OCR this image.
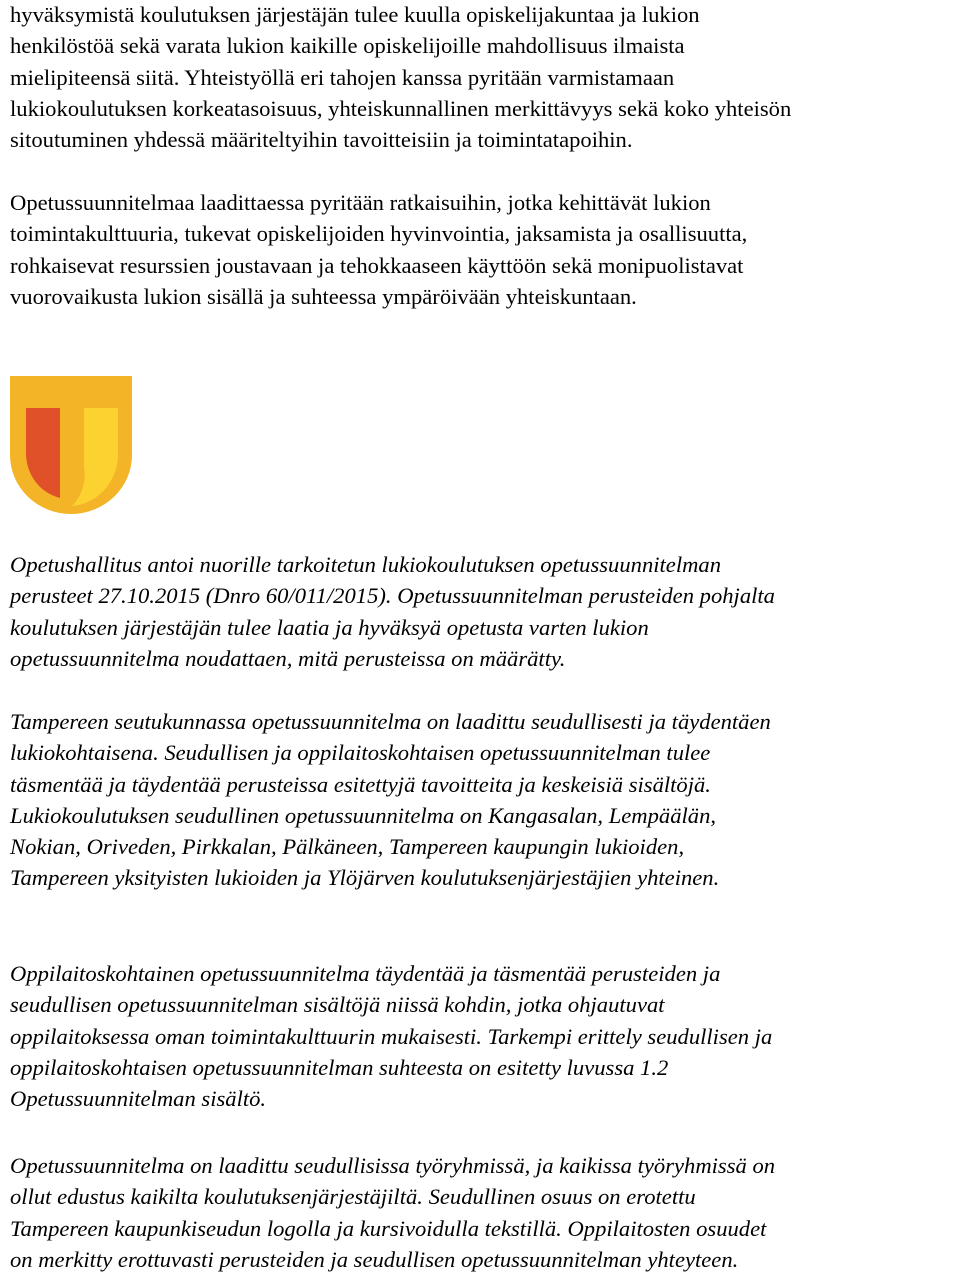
hyväksymistä koulutuksen järjestäjän tulee kuulla opiskelijakuntaa ja lukion
henkilöstöä sekä varata lukion kaikille opiskelijoille mahdollisuus ilmaista
mielipiteensä siitä. Yhteistyöllä eri tahojen kanssa pyritään varmistamaan
lukiokoulutuksen korkeatasoisuus, yhteiskunnallinen merkittävyys sekä koko yhteisön
sitoutuminen yhdessä määriteltyihin tavoitteisiin ja toimintatapoihin.

Opetussuunnitelmaa laadittaessa pyritään ratkaisuihin, jotka kehittävät lukion
toimintakulttuuria, tukevat opiskelijoiden hyvinvointia, jaksamista ja osallisuutta,
rohkaisevat resurssien joustavaan ja tehokkaaseen käyttöön sekä monipuolistavat
vuorovaikusta lukion sisällä ja suhteessa ympäröivään yhteiskuntaan.

Opetushallitus antoi nuorille tarkoitetun lukiokoulutuksen opetussuunnitelman
perusteet 27.10.2015 (Dnro 60/011/2015). Opetussuunnitelman perusteiden pohjalta
koulutuksen järjestäjän tulee laatia ja hyväksyä opetusta varten lukion
opetussuunnitelma noudattaen, mitä perusteissa on määrätty.

Tampereen seutukunnassa opetussuunnitelma on laadittu seudullisesti ja täydentäen
lukiokohtaisena. Seudullisen ja oppilaitoskohtaisen opetussuunnitelman tulee
täsmentää ja täydentää perusteissa esitettyjä tavoitteita ja keskeisiä sisältöjä.
Lukiokoulutuksen seudullinen opetussuunnitelma on Kangasalan, Lempäälän,
Nokian, Oriveden, Pirkkalan, Pälkäneen, Tampereen kaupungin lukioiden,
Tampereen yksityisten lukioiden ja Ylöjärven koulutuksenjärjestäjien yhteinen.

Oppilaitoskohtainen opetussuunnitelma täydentää ja täsmentää perusteiden ja
seudullisen opetussuunnitelman sisältöjä niissä kohdin, jotka ohjautuvat
oppilaitoksessa oman toimintakulttuurin mukaisesti. Tarkempi erittely seudullisen ja
oppilaitoskohtaisen opetussuunnitelman suhteesta on esitetty luvussa 1.2
Opetussuunnitelman sisältö.

Opetussuunnitelma on laadittu seudullisissa työryhmissä, ja kaikissa työryhmissä on
ollut edustus kaikilta koulutuksenjärjestäjiltä. Seudullinen osuus on erotettu
Tampereen kaupunkiseudun logolla ja kursivoidulla tekstillä. Oppilaitosten osuudet
on merkitty erottuvasti perusteiden ja seudullisen opetussuunnitelman yhteyteen.
